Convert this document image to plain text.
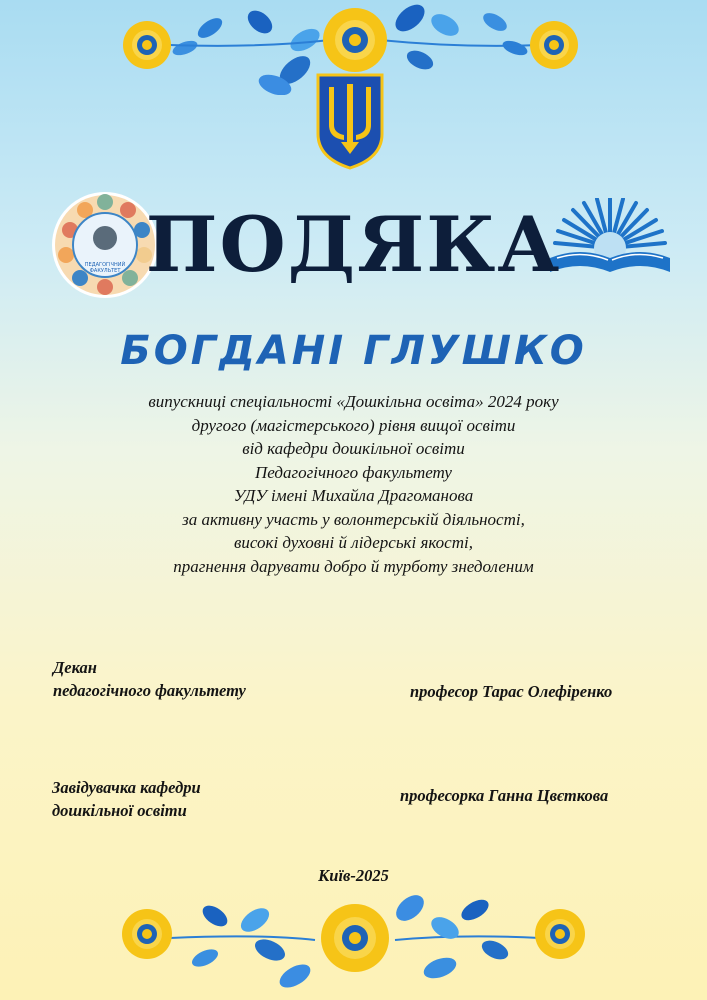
ПЕДАГОГІЧНИЙ
ФАКУЛЬТЕТ ПОДЯКА
БОГДАНІ ГЛУШКО
випускниці спеціальності «Дошкільна освіта» 2024 року
другого (магістерського) рівня вищої освіти
від кафедри дошкільної освіти
Педагогічного факультету
УДУ імені Михайла Драгоманова
за активну участь у волонтерській діяльності,
високі духовні й лідерські якості,
прагнення дарувати добро й турботу знедоленим
Декан
педагогічного факультету	професор Тарас Олефіренко
Завідувачка кафедри
дошкільної освіти
професорка Ганна Цвєткова
Київ-2025
